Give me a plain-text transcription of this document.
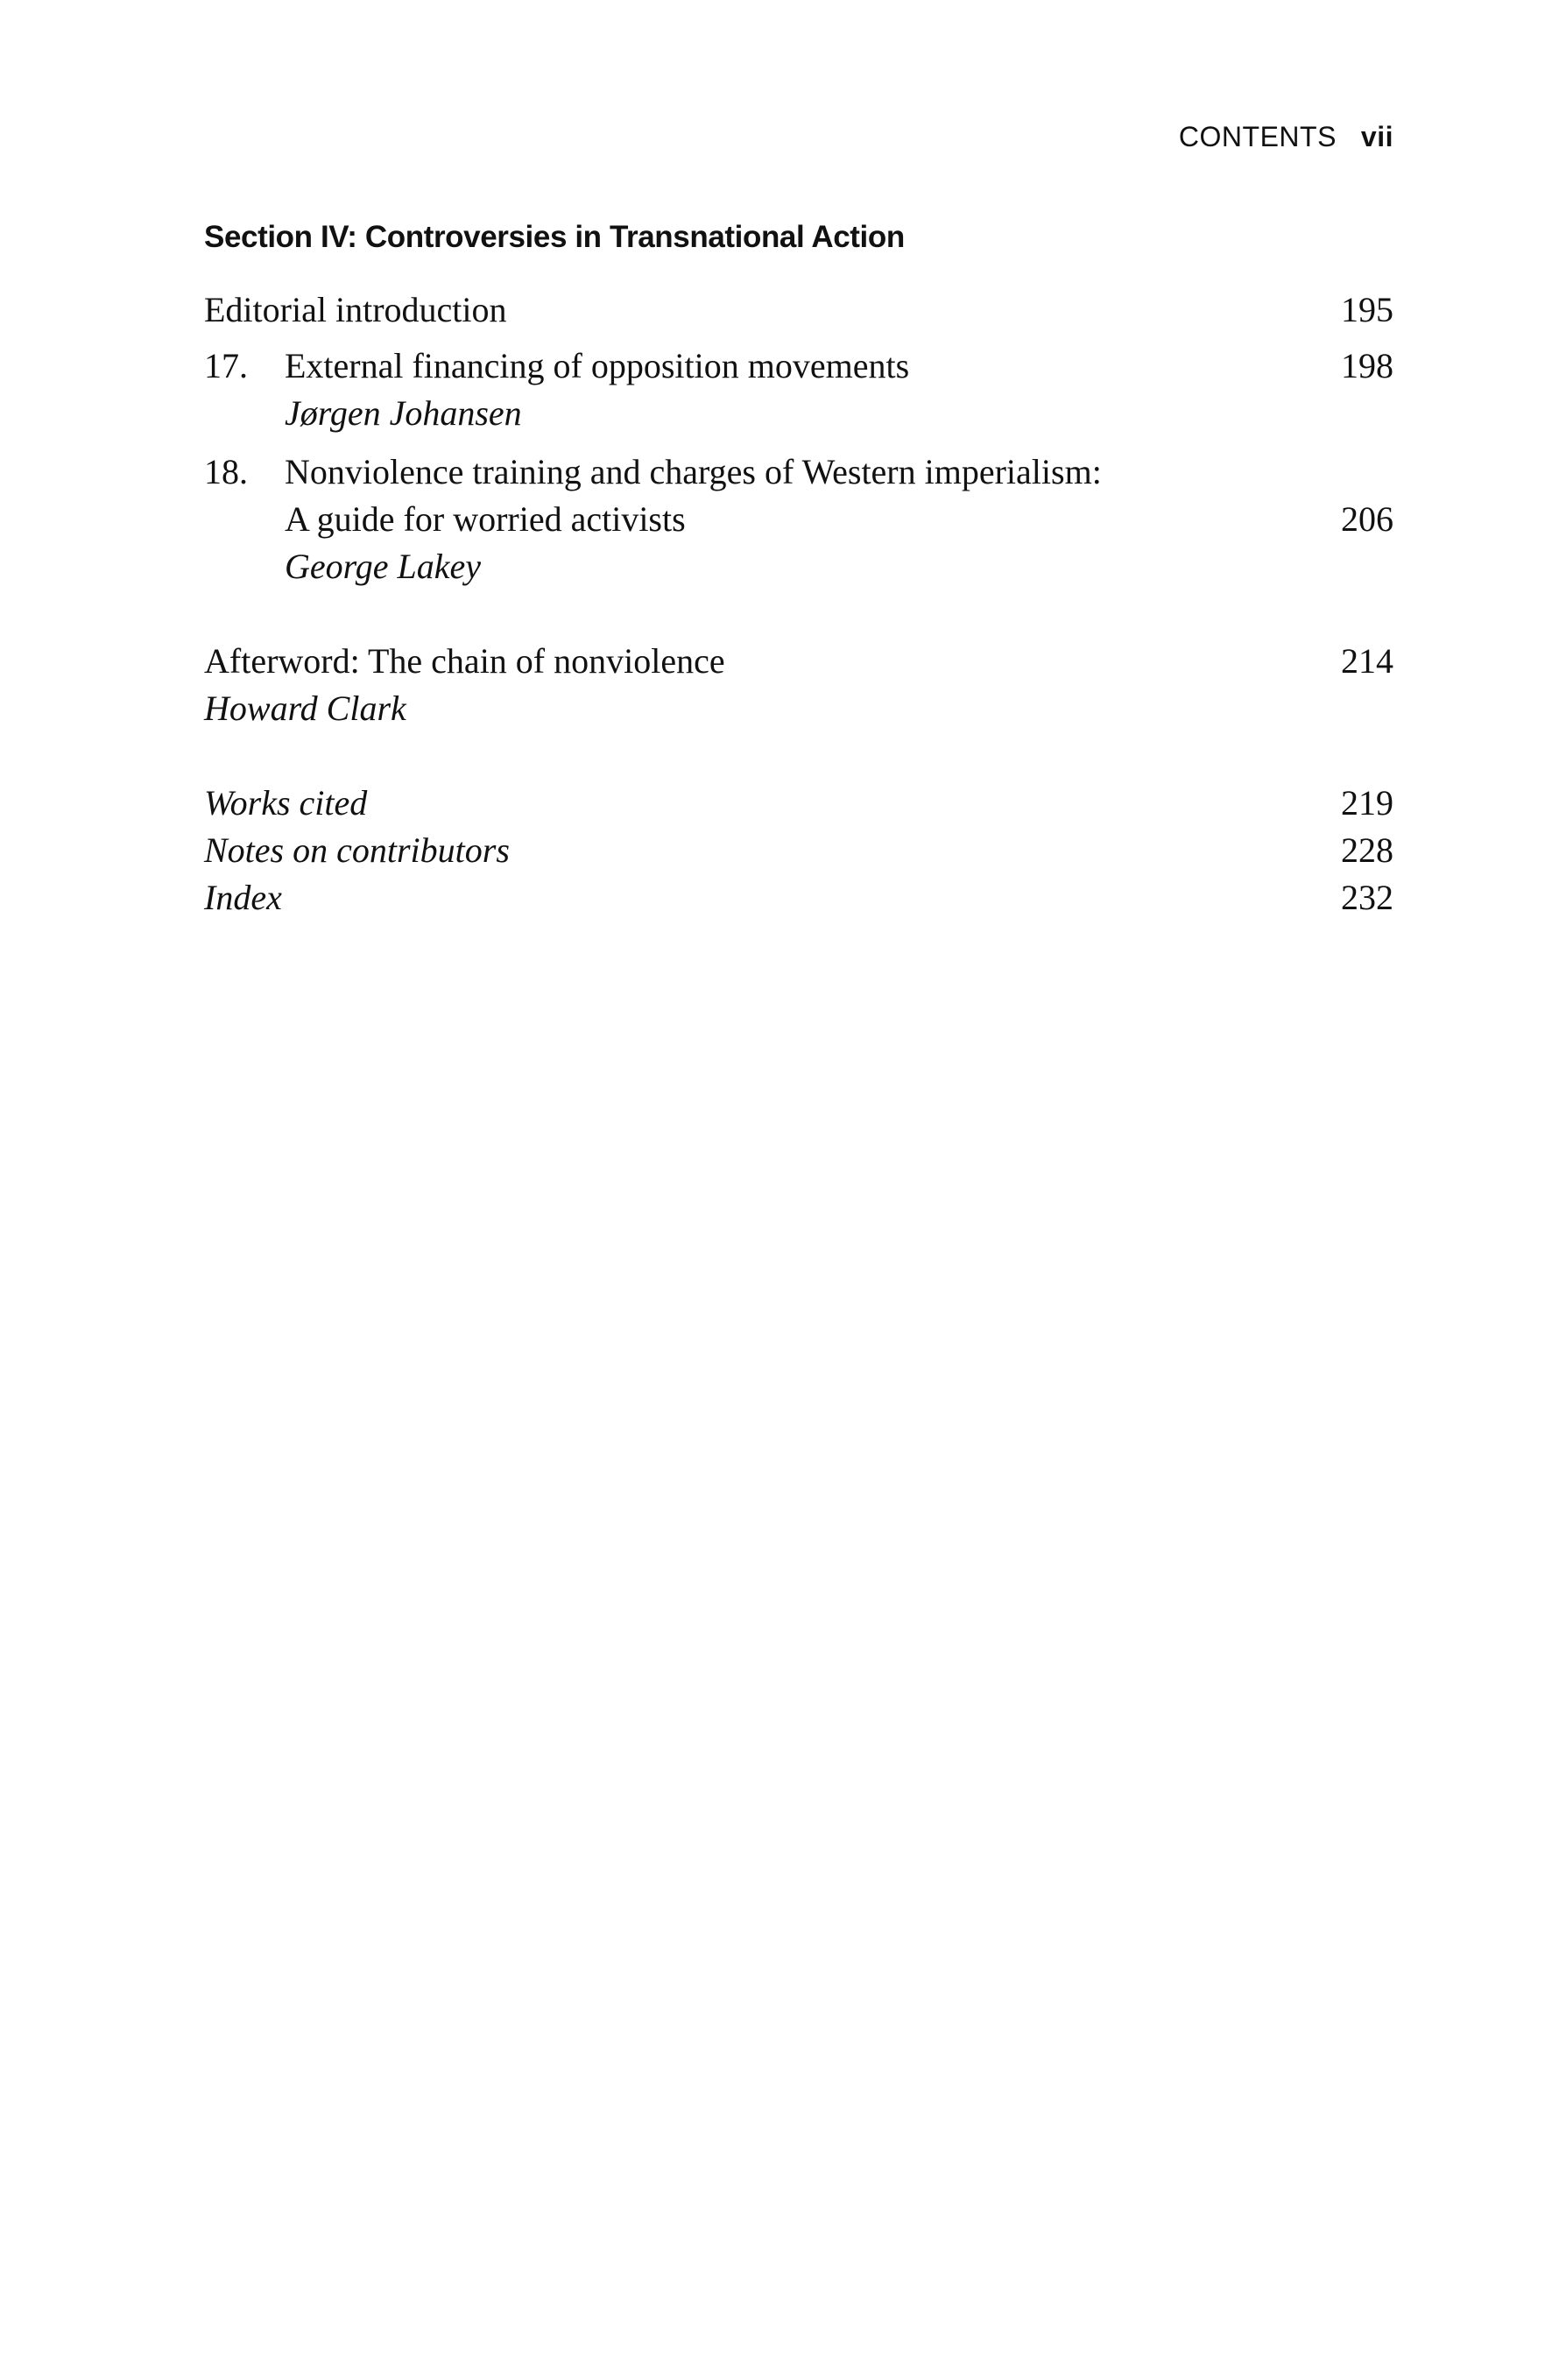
CONTENTS vii
Section IV: Controversies in Transnational Action
Editorial introduction	195
17. External financing of opposition movements	198
Jørgen Johansen
18. Nonviolence training and charges of Western imperialism:
A guide for worried activists	206
George Lakey
Afterword: The chain of nonviolence	214
Howard Clark
Works cited	219
Notes on contributors	228
Index	232
